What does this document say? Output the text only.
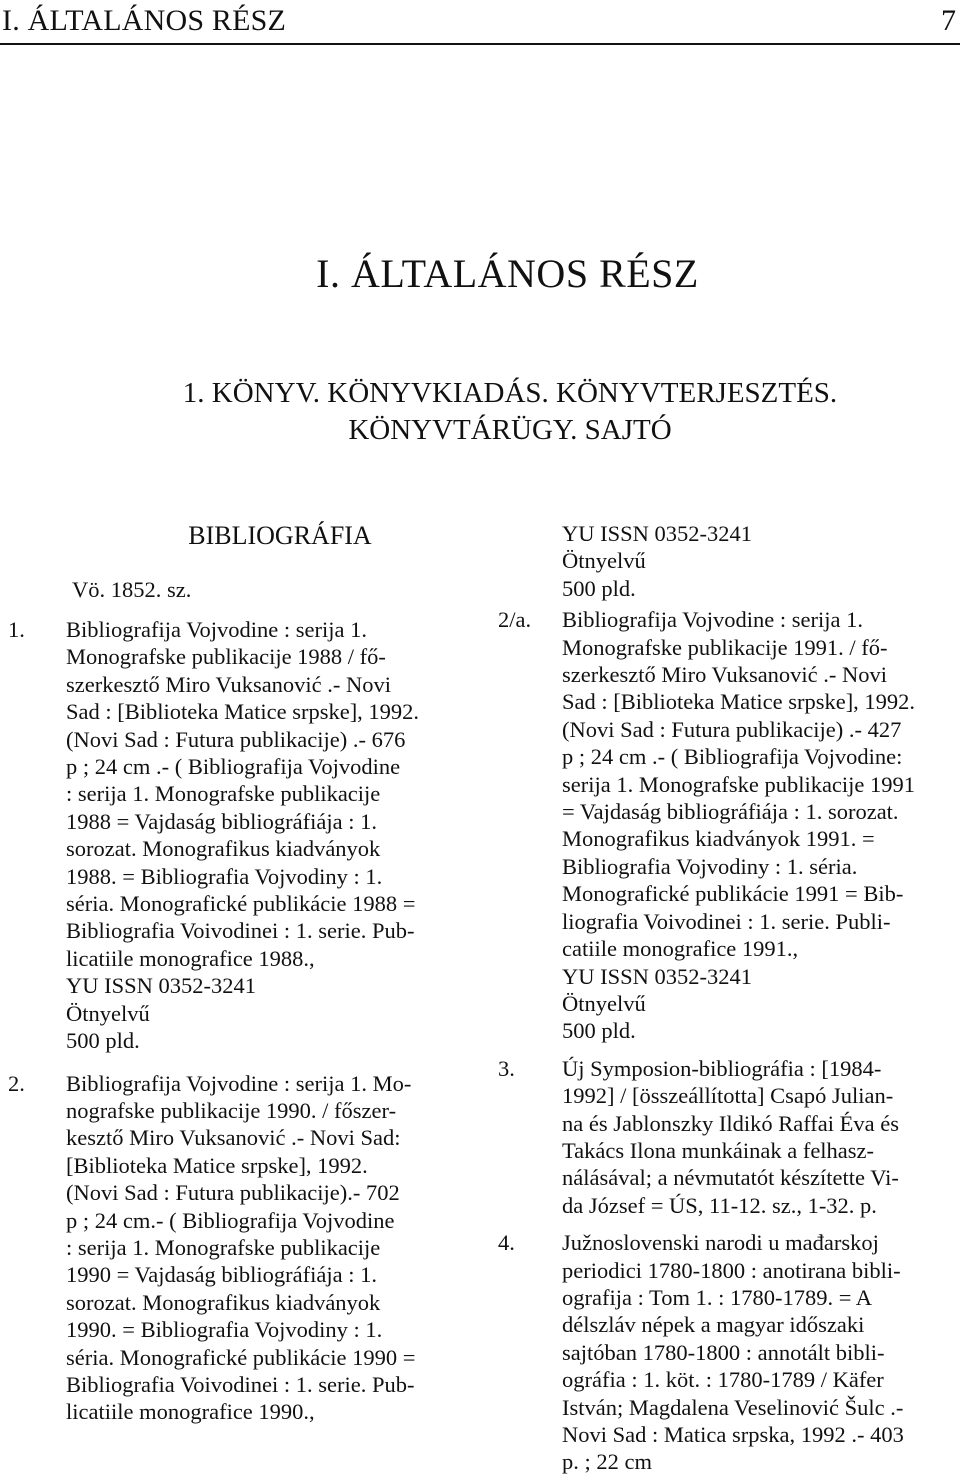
I. ÁLTALÁNOS RÉSZ	7
I. ÁLTALÁNOS RÉSZ
1. KÖNYV. KÖNYVKIADÁS. KÖNYVTERJESZTÉS.
KÖNYVTÁRÜGY. SAJTÓ
BIBLIOGRÁFIA
Vö. 1852. sz.
1.	Bibliografija Vojvodine : serija 1.
Monografske publikacije 1988 / fő-
szerkesztő Miro Vuksanović .- Novi
Sad : [Biblioteka Matice srpske], 1992.
(Novi Sad : Futura publikacije) .- 676
p ; 24 cm .- ( Bibliografija Vojvodine
: serija 1. Monografske publikacije
1988 = Vajdaság bibliográfiája : 1.
sorozat. Monografikus kiadványok
1988. = Bibliografia Vojvodiny : 1.
séria. Monografické publikácie 1988 =
Bibliografia Voivodinei : 1. serie. Pub-
licatiile monografice 1988.,
YU ISSN 0352-3241
Ötnyelvű
500 pld.
2.	Bibliografija Vojvodine : serija 1. Mo-
nografske publikacije 1990. / főszer-
kesztő Miro Vuksanović .- Novi Sad:
[Biblioteka Matice srpske], 1992.
(Novi Sad : Futura publikacije).- 702
p ; 24 cm.- ( Bibliografija Vojvodine
: serija 1. Monografske publikacije
1990 = Vajdaság bibliográfiája : 1.
sorozat. Monografikus kiadványok
1990. = Bibliografia Vojvodiny : 1.
séria. Monografické publikácie 1990 =
Bibliografia Voivodinei : 1. serie. Pub-
licatiile monografice 1990.,
YU ISSN 0352-3241
Ötnyelvű
500 pld.
2/a.	Bibliografija Vojvodine : serija 1.
Monografske publikacije 1991. / fő-
szerkesztő Miro Vuksanović .- Novi
Sad : [Biblioteka Matice srpske], 1992.
(Novi Sad : Futura publikacije) .- 427
p ; 24 cm .- ( Bibliografija Vojvodine:
serija 1. Monografske publikacije 1991
= Vajdaság bibliográfiája : 1. sorozat.
Monografikus kiadványok 1991. =
Bibliografia Vojvodiny : 1. séria.
Monografické publikácie 1991 = Bib-
liografia Voivodinei : 1. serie. Publi-
catiile monografice 1991.,
YU ISSN 0352-3241
Ötnyelvű
500 pld.
3.	Új Symposion-bibliográfia : [1984-
1992] / [összeállította] Csapó Julian-
na és Jablonszky Ildikó Raffai Éva és
Takács Ilona munkáinak a felhasz-
nálásával; a névmutatót készítette Vi-
da József = ÚS, 11-12. sz., 1-32. p.
4.	Južnoslovenski narodi u mađarskoj
periodici 1780-1800 : anotirana bibli-
ografija : Tom 1. : 1780-1789. = A
délszláv népek a magyar időszaki
sajtóban 1780-1800 : annotált bibli-
ográfia : 1. köt. : 1780-1789 / Käfer
István; Magdalena Veselinović Šulc .-
Novi Sad : Matica srpska, 1992 .- 403
p. ; 22 cm
